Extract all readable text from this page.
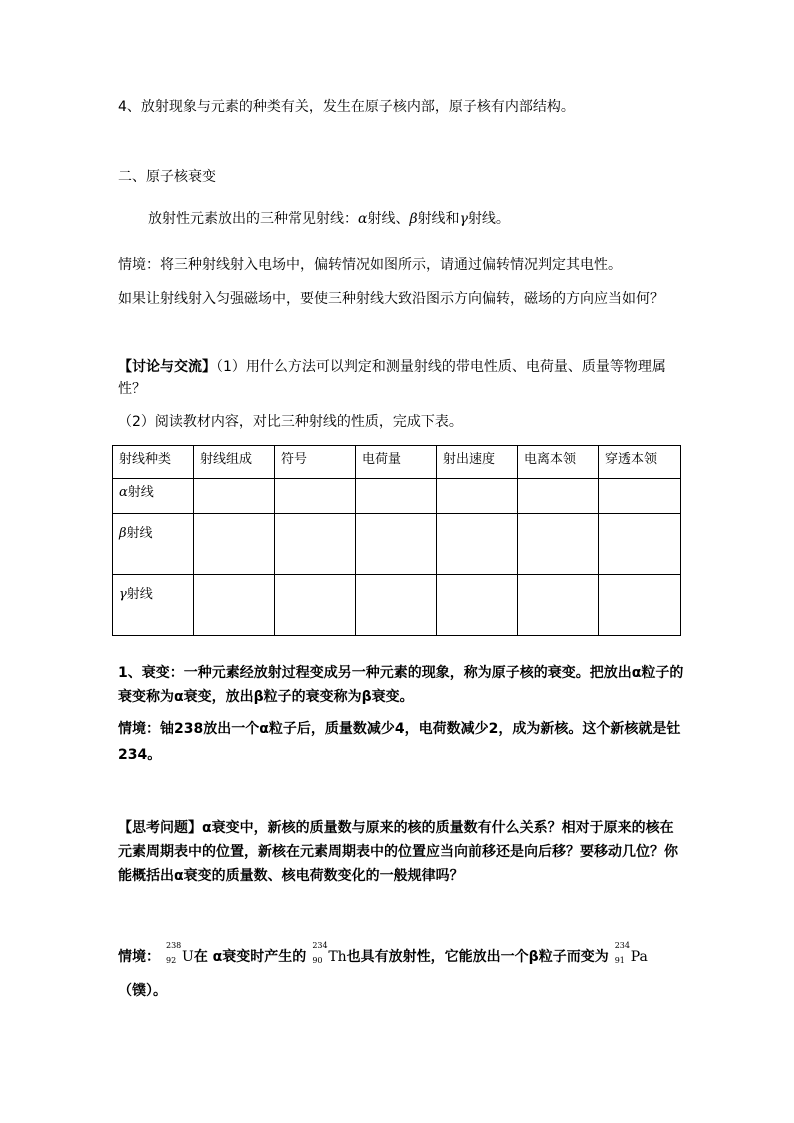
4、放射现象与元素的种类有关，发生在原子核内部，原子核有内部结构。
二、原子核衰变
放射性元素放出的三种常见射线：α射线、β射线和γ射线。
情境：将三种射线射入电场中，偏转情况如图所示，请通过偏转情况判定其电性。
如果让射线射入匀强磁场中，要使三种射线大致沿图示方向偏转，磁场的方向应当如何？
【讨论与交流】（1）用什么方法可以判定和测量射线的带电性质、电荷量、质量等物理属性？
（2）阅读教材内容，对比三种射线的性质，完成下表。
射线种类	射线组成	符号	电荷量	射出速度	电离本领	穿透本领
α射线						
β射线						
γ射线						
1、衰变：一种元素经放射过程变成另一种元素的现象，称为原子核的衰变。把放出α粒子的衰变称为α衰变，放出β粒子的衰变称为β衰变。
情境：铀238放出一个α粒子后，质量数减少4，电荷数减少2，成为新核。这个新核就是钍234。
【思考问题】α衰变中，新核的质量数与原来的核的质量数有什么关系？相对于原来的核在元素周期表中的位置，新核在元素周期表中的位置应当向前移还是向后移？要移动几位？你能概括出α衰变的质量数、核电荷数变化的一般规律吗？
情境：
238
92 U在 α衰变时产生的
234
90 Th也具有放射性，它能放出一个β粒子而变为
234
91 Pa
（镤）。
